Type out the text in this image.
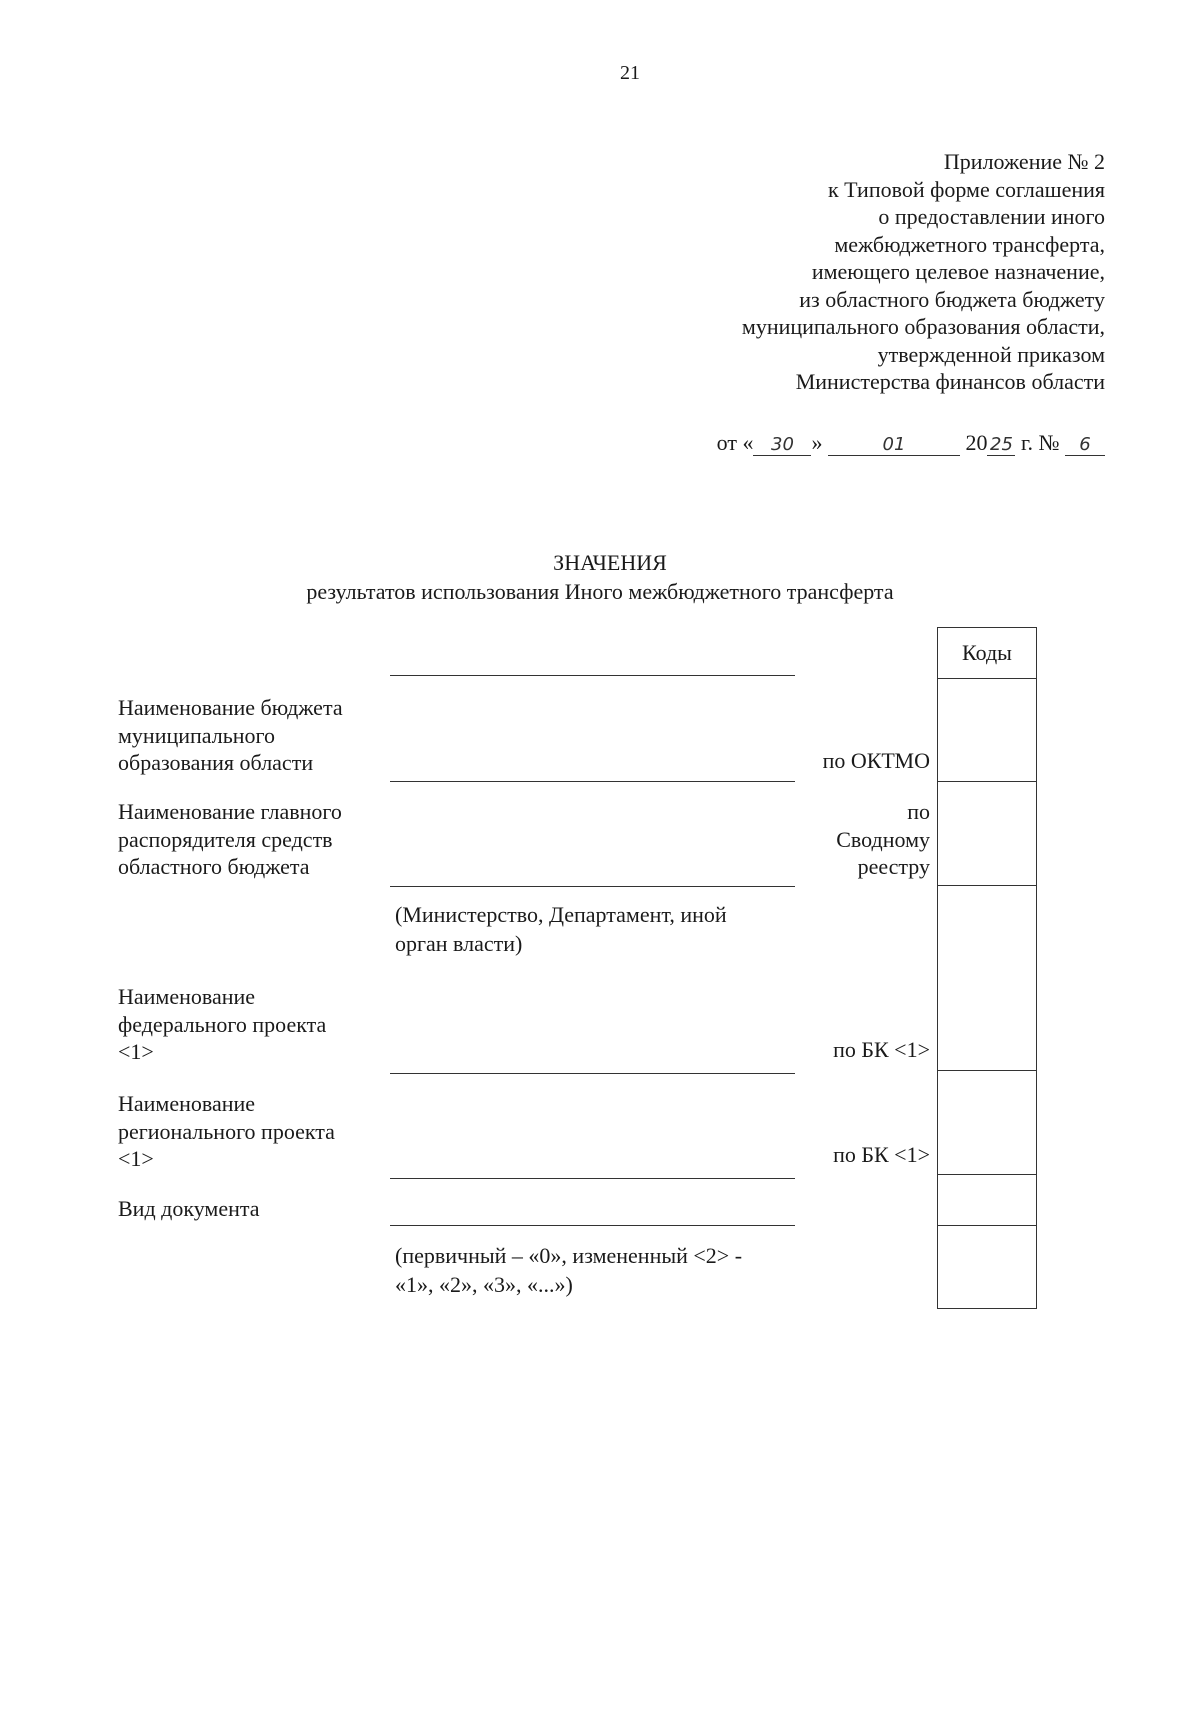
21
Приложение № 2
к Типовой форме соглашения
о предоставлении иного
межбюджетного трансферта,
имеющего целевое назначение,
из областного бюджета бюджету
муниципального образования области,
утвержденной приказом
Министерства финансов области
от « 30 »	01	20 25 г. № 6
ЗНАЧЕНИЯ
результатов использования Иного межбюджетного трансферта
Наименование бюджета
муниципального
образования области	по ОКТМО
Наименование главного
распорядителя средств
областного бюджета
по
Сводному
реестру
(Министерство, Департамент, иной
орган власти)
Наименование
федерального проекта
<1>	по БК <1>
Наименование
регионального проекта
<1>	по БК <1>
Вид документа
(первичный – «0», измененный <2> -
«1», «2», «3», «...»)
Коды
